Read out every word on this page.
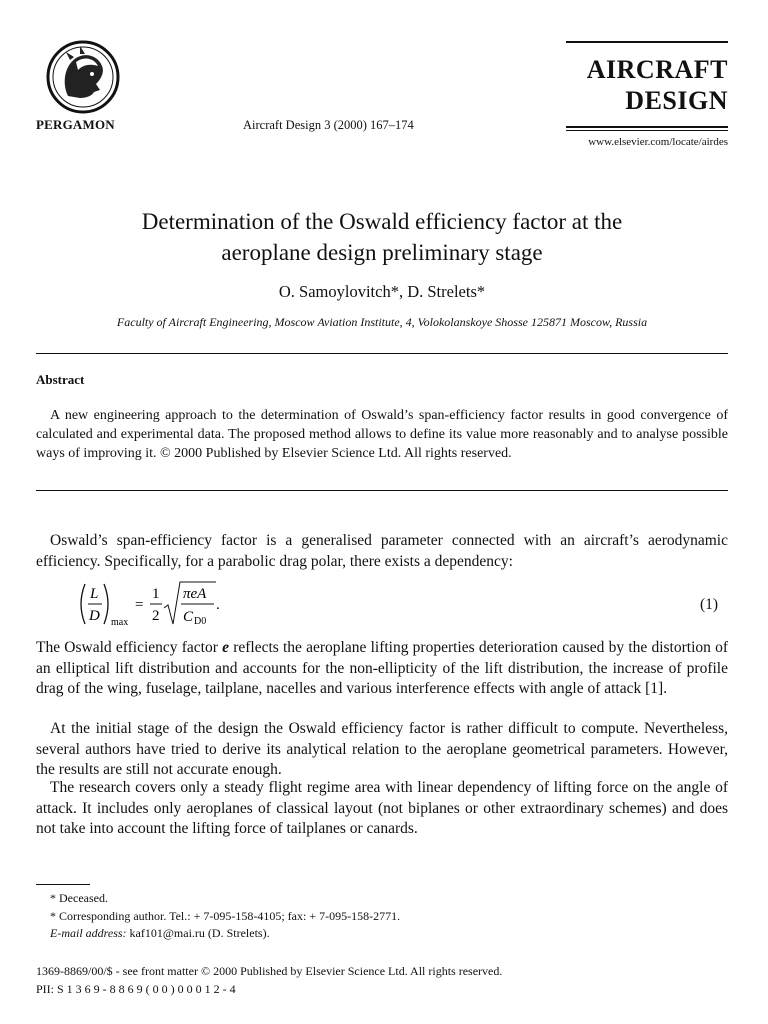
PERGAMON	Aircraft Design 3 (2000) 167–174
AIRCRAFT
DESIGN
www.elsevier.com/locate/airdes
Determination of the Oswald efficiency factor at the
aeroplane design preliminary stage
O. Samoylovitch*, D. Strelets*
Faculty of Aircraft Engineering, Moscow Aviation Institute, 4, Volokolanskoye Shosse 125871 Moscow, Russia
Abstract
A new engineering approach to the determination of Oswald’s span-efficiency factor results in good convergence of calculated and experimental data. The proposed method allows to define its value more reasonably and to analyse possible ways of improving it. © 2000 Published by Elsevier Science Ltd. All rights reserved.
Oswald’s span-efficiency factor is a generalised parameter connected with an aircraft’s aerodynamic efficiency. Specifically, for a parabolic drag polar, there exists a dependency:
L
D max
=
1
2
πeA
C D0
.	(1)
The Oswald efficiency factor e reflects the aeroplane lifting properties deterioration caused by the distortion of an elliptical lift distribution and accounts for the non-ellipticity of the lift distribution, the increase of profile drag of the wing, fuselage, tailplane, nacelles and various interference effects with angle of attack [1].
At the initial stage of the design the Oswald efficiency factor is rather difficult to compute. Nevertheless, several authors have tried to derive its analytical relation to the aeroplane geometrical parameters. However, the results are still not accurate enough.
The research covers only a steady flight regime area with linear dependency of lifting force on the angle of attack. It includes only aeroplanes of classical layout (not biplanes or other extraordinary schemes) and does not take into account the lifting force of tailplanes or canards.
* Deceased.
* Corresponding author. Tel.: + 7-095-158-4105; fax: + 7-095-158-2771.
E-mail address: kaf101@mai.ru (D. Strelets).
1369-8869/00/$ - see front matter © 2000 Published by Elsevier Science Ltd. All rights reserved.
PII: S 1 3 6 9 - 8 8 6 9 ( 0 0 ) 0 0 0 1 2 - 4
